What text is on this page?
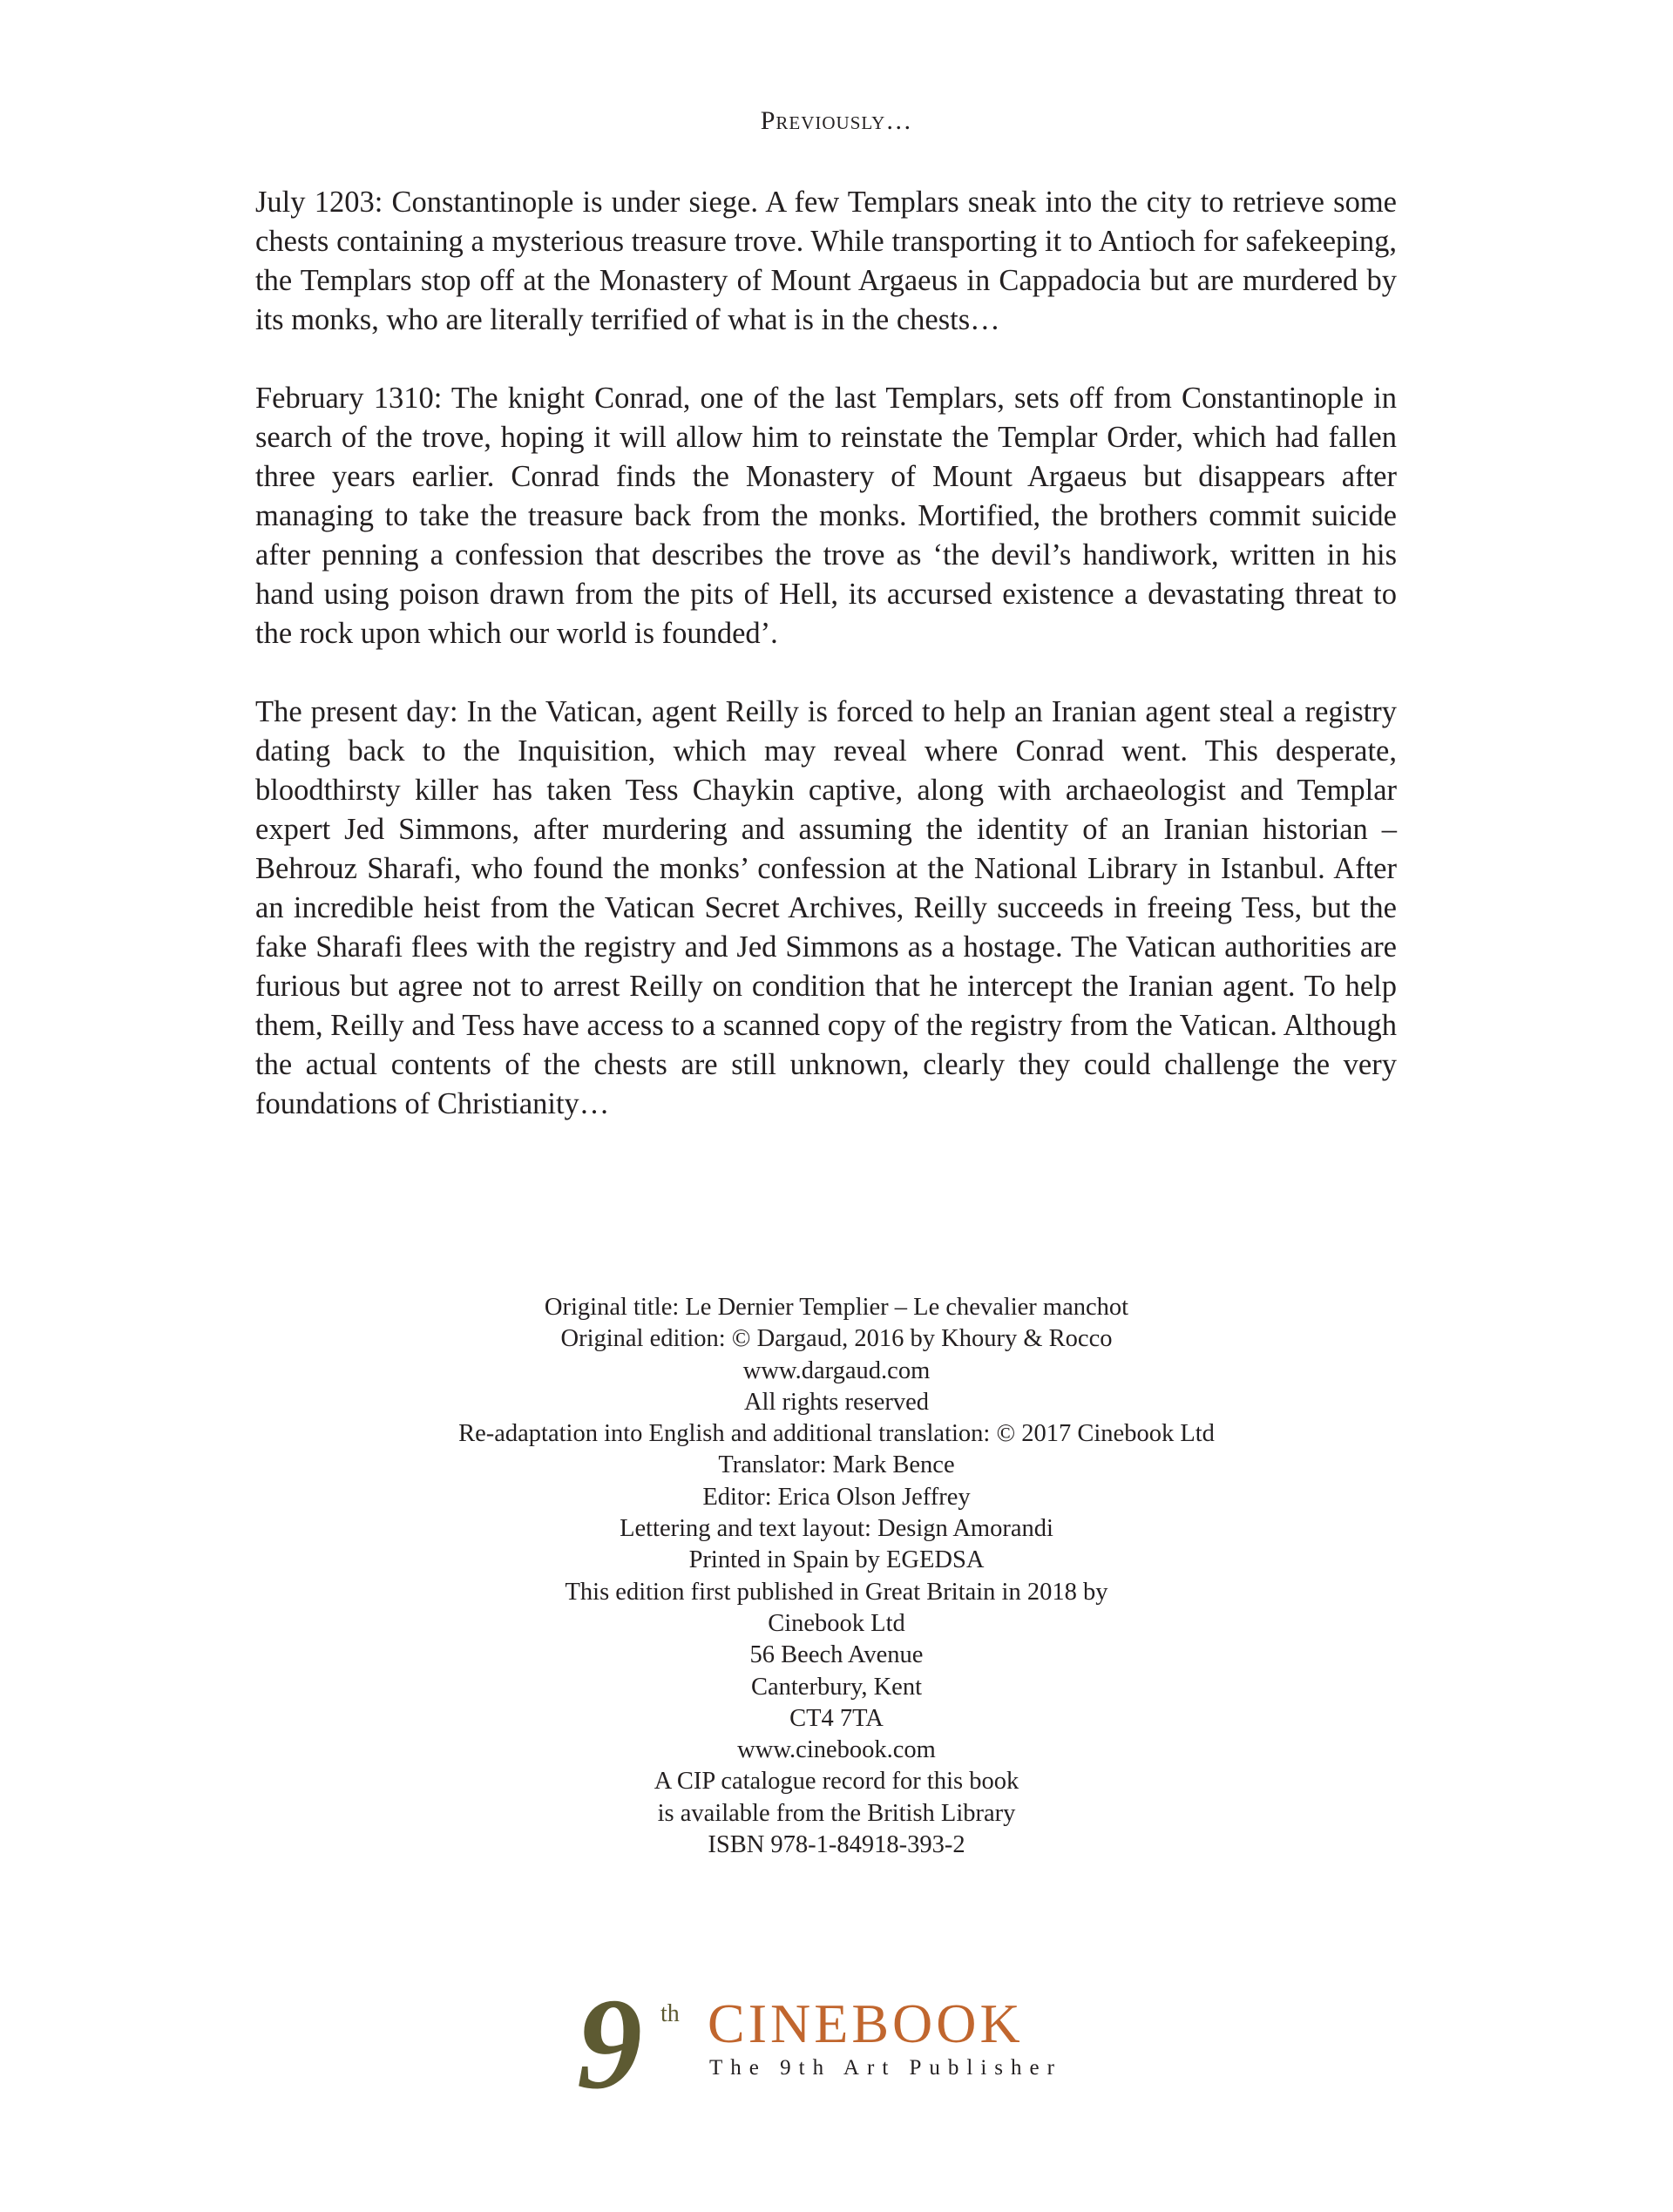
Previously…

July 1203: Constantinople is under siege. A few Templars sneak into the city to retrieve some chests containing a mysterious treasure trove. While transporting it to Antioch for safekeeping, the Templars stop off at the Monastery of Mount Argaeus in Cappadocia but are murdered by its monks, who are literally terrified of what is in the chests…

February 1310: The knight Conrad, one of the last Templars, sets off from Constantinople in search of the trove, hoping it will allow him to reinstate the Templar Order, which had fallen three years earlier. Conrad finds the Monastery of Mount Argaeus but disappears after managing to take the treasure back from the monks. Mortified, the brothers commit suicide after penning a confession that describes the trove as ‘the devil’s handiwork, written in his hand using poison drawn from the pits of Hell, its accursed existence a devastating threat to the rock upon which our world is founded’.

The present day: In the Vatican, agent Reilly is forced to help an Iranian agent steal a registry dating back to the Inquisition, which may reveal where Conrad went. This desperate, bloodthirsty killer has taken Tess Chaykin captive, along with archaeologist and Templar expert Jed Simmons, after murdering and assuming the identity of an Iranian historian – Behrouz Sharafi, who found the monks’ confession at the National Library in Istanbul. After an incredible heist from the Vatican Secret Archives, Reilly succeeds in freeing Tess, but the fake Sharafi flees with the registry and Jed Simmons as a hostage. The Vatican authorities are furious but agree not to arrest Reilly on condition that he intercept the Iranian agent. To help them, Reilly and Tess have access to a scanned copy of the registry from the Vatican. Although the actual contents of the chests are still unknown, clearly they could challenge the very foundations of Christianity…

Original title: Le Dernier Templier – Le chevalier manchot
Original edition: © Dargaud, 2016 by Khoury & Rocco
www.dargaud.com
All rights reserved
Re-adaptation into English and additional translation: © 2017 Cinebook Ltd
Translator: Mark Bence
Editor: Erica Olson Jeffrey
Lettering and text layout: Design Amorandi
Printed in Spain by EGEDSA
This edition first published in Great Britain in 2018 by
Cinebook Ltd
56 Beech Avenue
Canterbury, Kent
CT4 7TA
www.cinebook.com
A CIP catalogue record for this book
is available from the British Library
ISBN 978-1-84918-393-2
9 th CINEBOOK
The 9th Art Publisher
